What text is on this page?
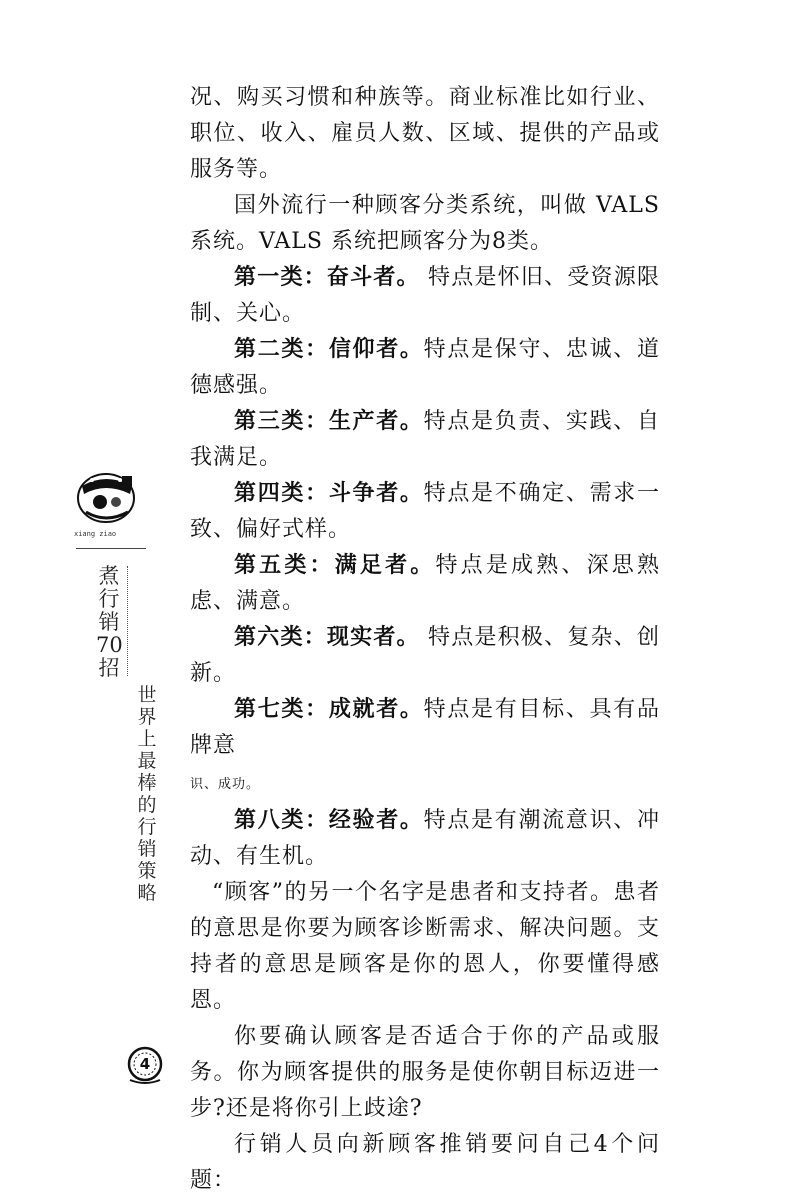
况、购买习惯和种族等。商业标准比如行业、职位、收入、雇员人数、区域、提供的产品或服务等。

国外流行一种顾客分类系统，叫做 VALS系统。VALS 系统把顾客分为8类。

第一类：奋斗者。 特点是怀旧、受资源限制、关心。

第二类：信仰者。特点是保守、忠诚、道德感强。

第三类：生产者。特点是负责、实践、自我满足。

第四类：斗争者。特点是不确定、需求一致、偏好式样。

第五类：满足者。特点是成熟、深思熟虑、满意。

第六类：现实者。 特点是积极、复杂、创新。

第七类：成就者。特点是有目标、具有品牌意
识、成功。

第八类：经验者。特点是有潮流意识、冲动、有生机。

“顾客”的另一个名字是患者和支持者。患者的意思是你要为顾客诊断需求、解决问题。支持者的意思是顾客是你的恩人，你要懂得感恩。

你要确认顾客是否适合于你的产品或服务。你为顾客提供的服务是使你朝目标迈进一步?还是将你引上歧途?

行销人员向新顾客推销要问自己4个问题：

xiang ziao
煮
行
销
70
招
世
界
上
最
棒
的
行
销
策
略
4
